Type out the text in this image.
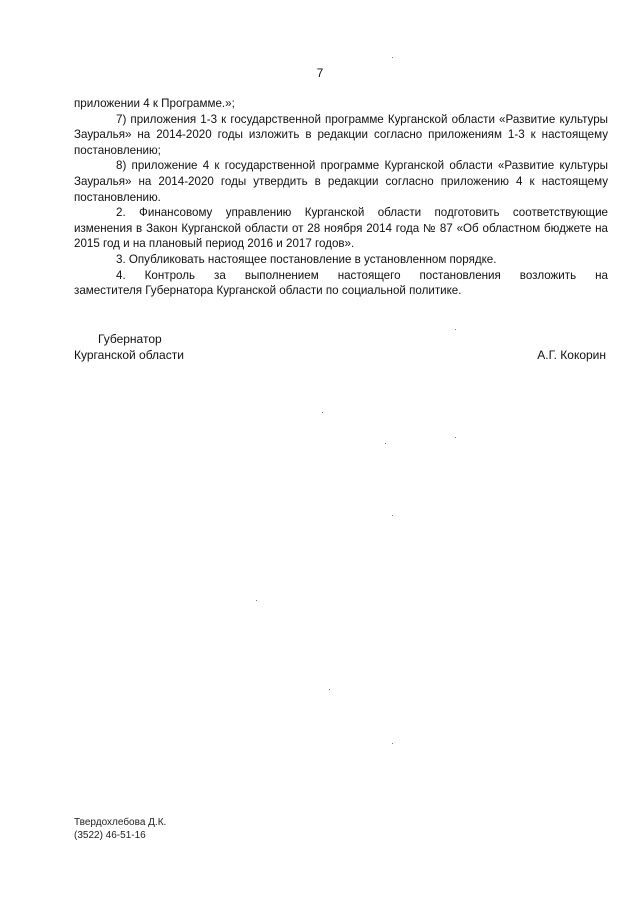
7

приложении 4 к Программе.»;

7) приложения 1-3 к государственной программе Курганской области «Развитие культуры Зауралья» на 2014-2020 годы изложить в редакции согласно приложениям 1-3 к настоящему постановлению;

8) приложение 4 к государственной программе Курганской области «Развитие культуры Зауралья» на 2014-2020 годы утвердить в редакции согласно приложению 4 к настоящему постановлению.

2. Финансовому управлению Курганской области подготовить соответствующие изменения в Закон Курганской области от 28 ноября 2014 года № 87 «Об областном бюджете на 2015 год и на плановый период 2016 и 2017 годов».

3. Опубликовать настоящее постановление в установленном порядке.

4. Контроль за выполнением настоящего постановления возложить на

заместителя Губернатора Курганской области по социальной политике.

Губернатор
Курганской области	А.Г. Кокорин
Твердохлебова Д.К.
(3522) 46-51-16
